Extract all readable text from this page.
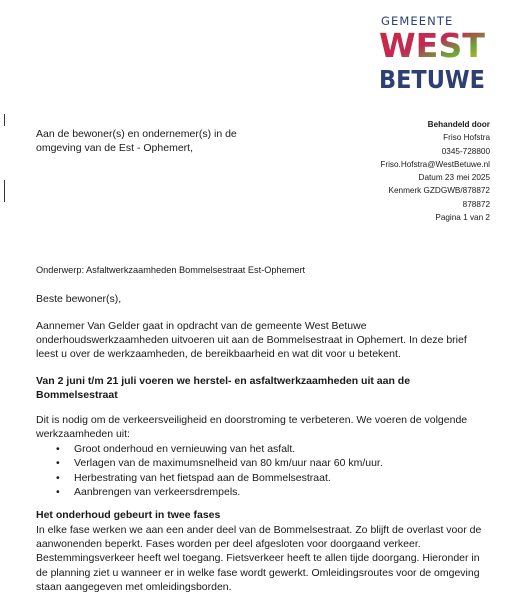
GEMEENTE
WEST
BETUWE
Aan de bewoner(s) en ondernemer(s) in de
omgeving van de Est - Ophemert,
Behandeld door
Friso Hofstra
0345-728800
Friso.Hofstra@WestBetuwe.nl
Datum 23 mei 2025
Kenmerk GZDGWB/878872
878872
Pagina 1 van 2
Onderwerp: Asfaltwerkzaamheden Bommelsestraat Est-Ophemert
Beste bewoner(s),
Aannemer Van Gelder gaat in opdracht van de gemeente West Betuwe onderhoudswerkzaamheden uitvoeren uit aan de Bommelsestraat in Ophemert. In deze brief leest u over de werkzaamheden, de bereikbaarheid en wat dit voor u betekent.
Van 2 juni t/m 21 juli voeren we herstel- en asfaltwerkzaamheden uit aan de Bommelsestraat
Dit is nodig om de verkeersveiligheid en doorstroming te verbeteren. We voeren de volgende werkzaamheden uit:
• Groot onderhoud en vernieuwing van het asfalt.
• Verlagen van de maximumsnelheid van 80 km/uur naar 60 km/uur.
• Herbestrating van het fietspad aan de Bommelsestraat.
• Aanbrengen van verkeersdrempels.
Het onderhoud gebeurt in twee fases
In elke fase werken we aan een ander deel van de Bommelsestraat. Zo blijft de overlast voor de aanwonenden beperkt. Fases worden per deel afgesloten voor doorgaand verkeer. Bestemmingsverkeer heeft wel toegang. Fietsverkeer heeft te allen tijde doorgang. Hieronder in de planning ziet u wanneer er in welke fase wordt gewerkt. Omleidingsroutes voor de omgeving staan aangegeven met omleidingsborden.
